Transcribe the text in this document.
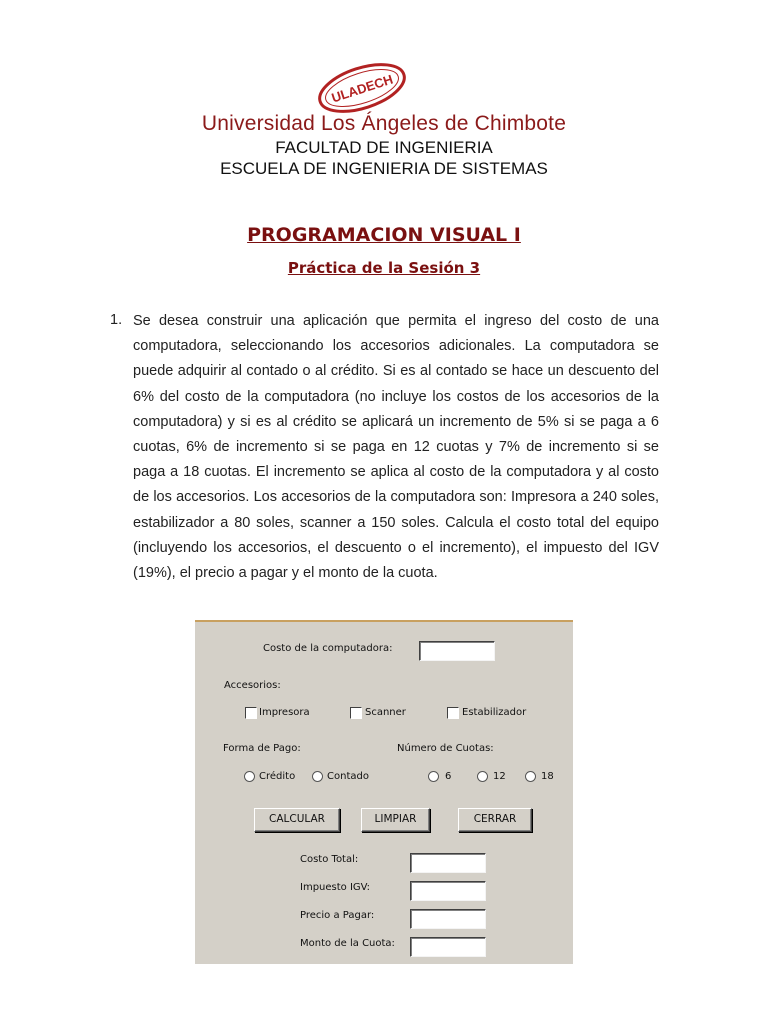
ULADECH
Universidad Los Ángeles de Chimbote
FACULTAD DE INGENIERIA
ESCUELA DE INGENIERIA DE SISTEMAS
PROGRAMACION VISUAL I
Práctica de la Sesión 3
1. Se desea construir una aplicación que permita el ingreso del costo de una computadora, seleccionando los accesorios adicionales. La computadora se puede adquirir al contado o al crédito. Si es al contado se hace un descuento del 6% del costo de la computadora (no incluye los costos de los accesorios de la computadora) y si es al crédito se aplicará un incremento de 5% si se paga a 6 cuotas, 6% de incremento si se paga en 12 cuotas y 7% de incremento si se paga a 18 cuotas. El incremento se aplica al costo de la computadora y al costo de los accesorios. Los accesorios de la computadora son: Impresora a 240 soles, estabilizador a 80 soles, scanner a 150 soles. Calcula el costo total del equipo (incluyendo los accesorios, el descuento o el incremento), el impuesto del IGV (19%), el precio a pagar y el monto de la cuota.
Costo de la computadora:
Accesorios:
Impresora	Scanner	Estabilizador
Forma de Pago:	Número de Cuotas:
Crédito	Contado	6	12	18
CALCULAR	LIMPIAR	CERRAR
Costo Total:
Impuesto IGV:
Precio a Pagar:
Monto de la Cuota:
